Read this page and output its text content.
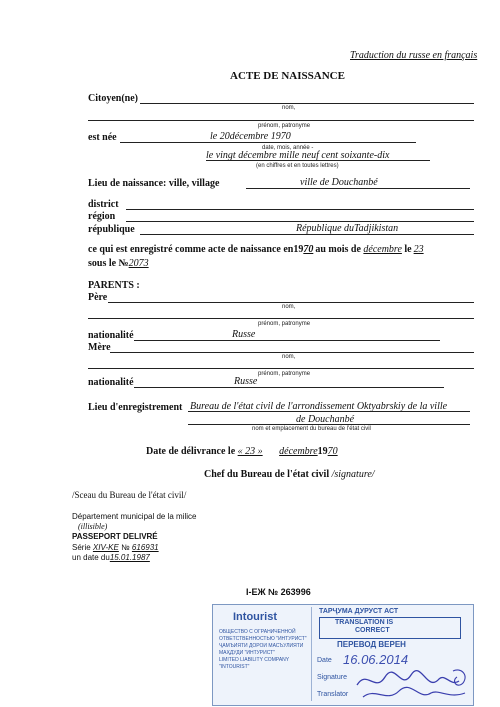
Traduction du russe en français
ACTE DE NAISSANCE
Citoyen(ne)
nom,
prénom, patronyme
est née	le 20décembre 1970
date, mois, année -
le vingt décembre mille neuf cent soixante-dix
(en chiffres et en toutes lettres)
Lieu de naissance: ville, village	ville de Douchanbé
district
région
république	République duTadjikistan
ce qui est enregistré comme acte de naissance en1970 au mois de décembre le 23
sous le №2073
PARENTS :
Père
nom,
prénom, patronyme
nationalité	Russe
Mère
nom,
prénom, patronyme
nationalité	Russe
Lieu d'enregistrement Bureau de l'état civil de l'arrondissement Oktyabrskiy de la ville
de Douchanbé
nom et emplacement du bureau de l'état civil
Date de délivrance le « 23 » décembre1970
Chef du Bureau de l'état civil /signature/
/Sceau du Bureau de l'état civil/
Département municipal de la milice
(illisible)
PASSEPORT DELIVRÉ
Série XIV-KE № 616931
un date du15.01.1987
I-ЕЖ № 263996
Intourist
ОБЩЕСТВО С ОГРАНИЧЕННОЙ
ОТВЕТСТВЕННОСТЬЮ "ИНТУРИСТ"
ҶАМЪИЯТИ ДОРОИ МАСЪУЛИЯТИ
МАҲДУДИ "ИНТУРИСТ"
LIMITED LIABILITY COMPANY
"INTOURIST"
ТАРҶУМА ДУРУСТ АСТ
TRANSLATION IS
CORRECT
ПЕРЕВОД ВЕРЕН
Date 16.06.2014
Signature
Translator
